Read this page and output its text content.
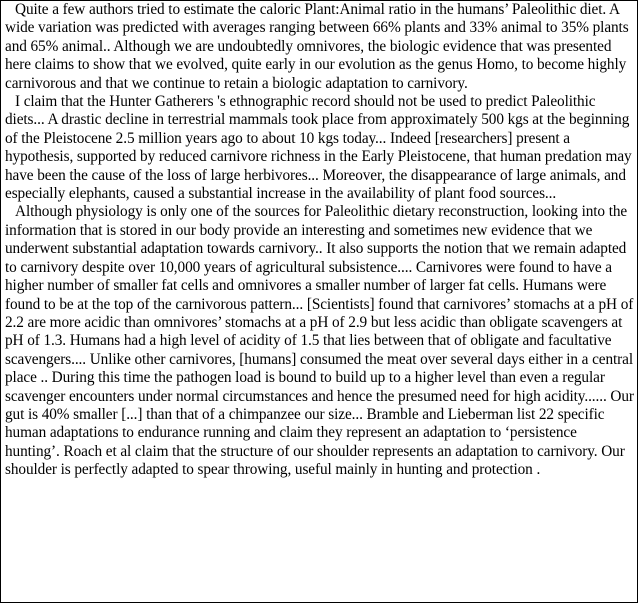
Quite a few authors tried to estimate the caloric Plant:Animal ratio in the humans’ Paleolithic diet. A wide variation was predicted with averages ranging between 66% plants and 33% animal to 35% plants and 65% animal.. Although we are undoubtedly omnivores, the biologic evidence that was presented here claims to show that we evolved, quite early in our evolution as the genus Homo, to become highly carnivorous and that we continue to retain a biologic adaptation to carnivory.

I claim that the Hunter Gatherers 's ethnographic record should not be used to predict Paleolithic diets... A drastic decline in terrestrial mammals took place from approximately 500 kgs at the beginning of the Pleistocene 2.5 million years ago to about 10 kgs today... Indeed [researchers] present a hypothesis, supported by reduced carnivore richness in the Early Pleistocene, that human predation may have been the cause of the loss of large herbivores... Moreover, the disappearance of large animals, and especially elephants, caused a substantial increase in the availability of plant food sources...

Although physiology is only one of the sources for Paleolithic dietary reconstruction, looking into the information that is stored in our body provide an interesting and sometimes new evidence that we underwent substantial adaptation towards carnivory.. It also supports the notion that we remain adapted to carnivory despite over 10,000 years of agricultural subsistence.... Carnivores were found to have a higher number of smaller fat cells and omnivores a smaller number of larger fat cells. Humans were found to be at the top of the carnivorous pattern... [Scientists] found that carnivores’ stomachs at a pH of 2.2 are more acidic than omnivores’ stomachs at a pH of 2.9 but less acidic than obligate scavengers at pH of 1.3. Humans had a high level of acidity of 1.5 that lies between that of obligate and facultative scavengers.... Unlike other carnivores, [humans] consumed the meat over several days either in a central place .. During this time the pathogen load is bound to build up to a higher level than even a regular scavenger encounters under normal circumstances and hence the presumed need for high acidity...... Our gut is 40% smaller [...] than that of a chimpanzee our size... Bramble and Lieberman list 22 specific human adaptations to endurance running and claim they represent an adaptation to ‘persistence hunting’. Roach et al claim that the structure of our shoulder represents an adaptation to carnivory. Our shoulder is perfectly adapted to spear throwing, useful mainly in hunting and protection .
